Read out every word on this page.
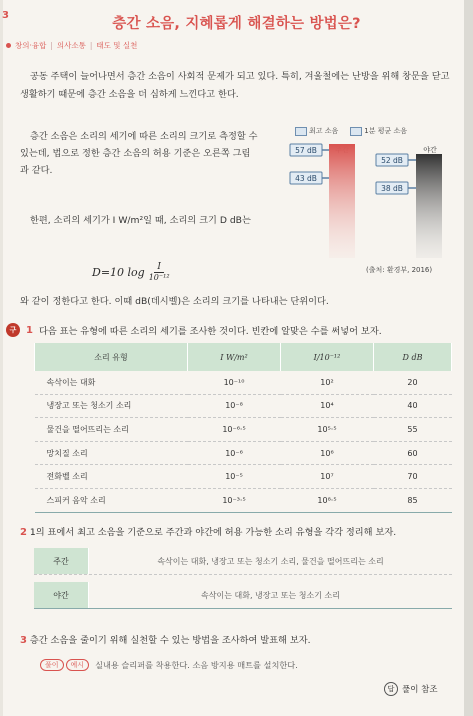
3
층간 소음, 지혜롭게 해결하는 방법은?
창의·융합 | 의사소통 | 태도 및 실천

공동 주택이 늘어나면서 층간 소음이 사회적 문제가 되고 있다. 특히, 겨울철에는 난방을 위해 창문을 닫고 생활하기 때문에 층간 소음을 더 심하게 느낀다고 한다.

층간 소음은 소리의 세기에 따른 소리의 크기로 측정할 수 있는데, 법으로 정한 층간 소음의 허용 기준은 오른쪽 그림과 같다.

한편, 소리의 세기가 I W/m²일 때, 소리의 크기 D dB는

D=10 $\log \frac{I}{\text{10⁻¹²}}$
와 같이 정한다고 한다. 이때 dB(데시벨)은 소리의 크기를 나타내는 단위이다.
최고 소음	1분 평균 소음
야간
57 dB
43 dB
52 dB
38 dB
(출처: 환경부, 2016)
구 1 다음 표는 유형에 따른 소리의 세기를 조사한 것이다. 빈칸에 알맞은 수를 써넣어 보자.
소리 유형	I W/m²	I/10⁻¹²	D dB
속삭이는 대화	10⁻¹⁰	10²	20
냉장고 또는 청소기 소리	10⁻⁸	10⁴	40
물건을 떨어뜨리는 소리	10⁻⁶·⁵	10⁵·⁵	55
망치질 소리	10⁻⁶	10⁶	60
전화벨 소리	10⁻⁵	10⁷	70
스피커 음악 소리	10⁻³·⁵	10⁸·⁵	85
2 1의 표에서 최고 소음을 기준으로 주간과 야간에 허용 가능한 소리 유형을 각각 정리해 보자.
주간	속삭이는 대화, 냉장고 또는 청소기 소리, 물건을 떨어뜨리는 소리
야간	속삭이는 대화, 냉장고 또는 청소기 소리
3 층간 소음을 줄이기 위해 실천할 수 있는 방법을 조사하여 발표해 보자.
풀이	예시	실내용 슬리퍼를 착용한다. 소음 방지용 매트를 설치한다.
답 풀이 참조
